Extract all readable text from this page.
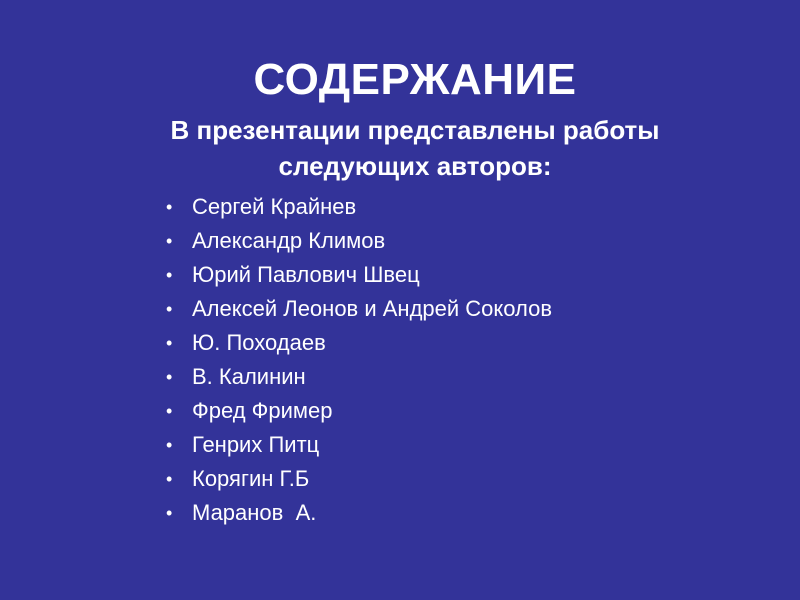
СОДЕРЖАНИЕ
В презентации представлены работы
следующих авторов:
• Сергей Крайнев
• Александр Климов
• Юрий Павлович Швец
• Алексей Леонов и Андрей Соколов
• Ю. Походаев
• В. Калинин
• Фред Фример
• Генрих Питц
• Корягин Г.Б
• Маранов  А.
